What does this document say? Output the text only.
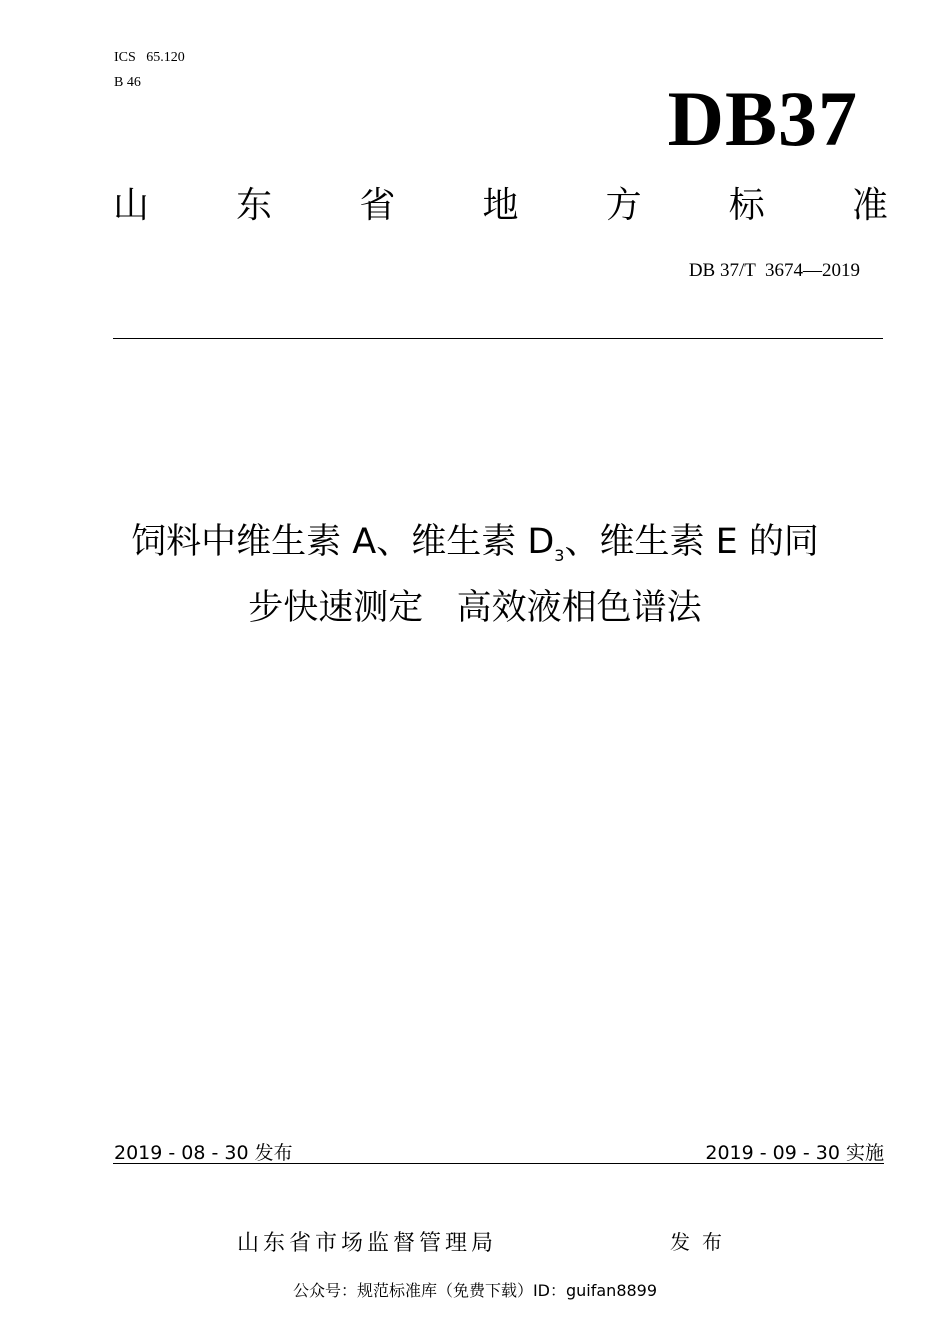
ICS   65.120
B 46	DB37
山 东 省 地 方 标 准
DB 37/T  3674—2019
饲料中维生素 A、维生素 $D_3$、维生素 E 的同
步快速测定   高效液相色谱法
2019 - 08 - 30 发布	2019 - 09 - 30 实施
山东省市场监督管理局	发布
公众号：规范标准库（免费下载）ID：guifan8899
